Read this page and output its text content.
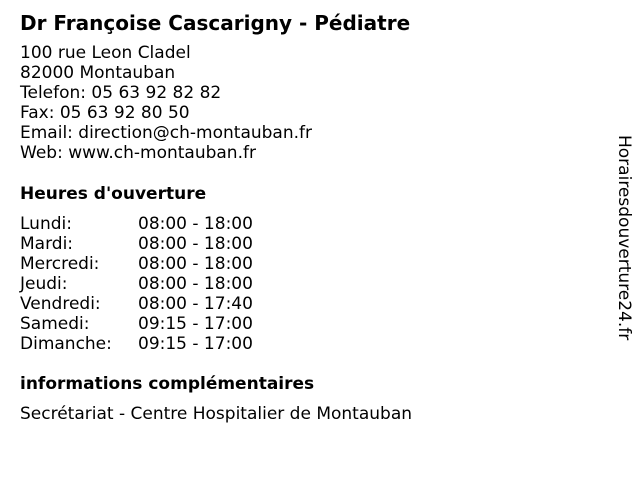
Dr Françoise Cascarigny - Pédiatre
100 rue Leon Cladel
82000 Montauban
Telefon: 05 63 92 82 82
Fax: 05 63 92 80 50
Email: direction@ch-montauban.fr
Web: www.ch-montauban.fr
Heures d'ouverture
Lundi:	08:00 - 18:00
Mardi:	08:00 - 18:00
Mercredi:	08:00 - 18:00
Jeudi:	08:00 - 18:00
Vendredi:	08:00 - 17:40
Samedi:	09:15 - 17:00
Dimanche:	09:15 - 17:00
informations complémentaires
Secrétariat - Centre Hospitalier de Montauban
Horairesdouverture24.fr
